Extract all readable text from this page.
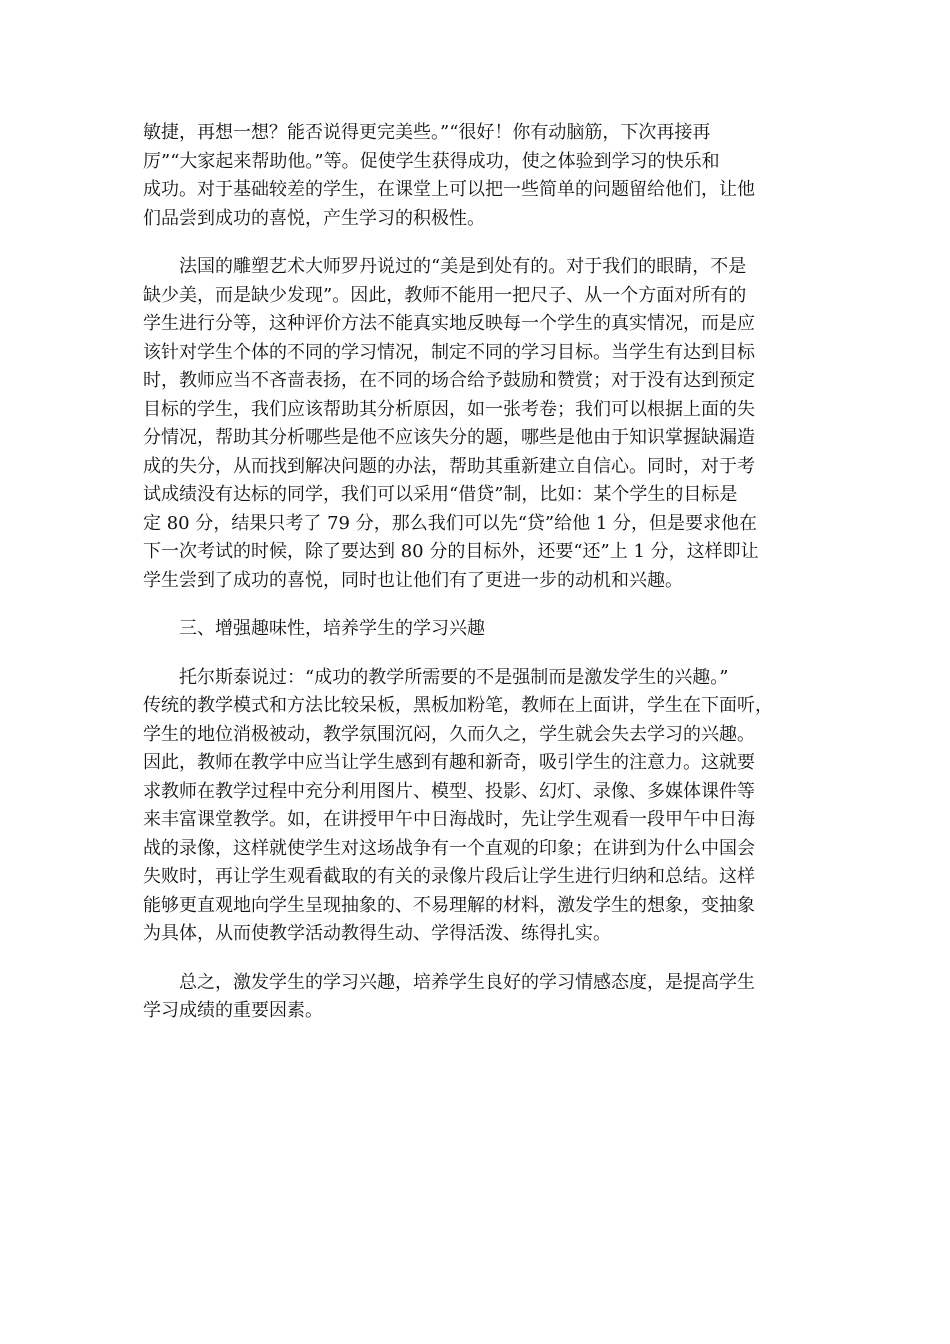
敏捷，再想一想？能否说得更完美些。”“很好！你有动脑筋，下次再接再
厉”“大家起来帮助他。”等。促使学生获得成功，使之体验到学习的快乐和
成功。对于基础较差的学生，在课堂上可以把一些简单的问题留给他们，让他
们品尝到成功的喜悦，产生学习的积极性。

法国的雕塑艺术大师罗丹说过的“美是到处有的。对于我们的眼睛，不是
缺少美，而是缺少发现”。因此，教师不能用一把尺子、从一个方面对所有的
学生进行分等，这种评价方法不能真实地反映每一个学生的真实情况，而是应
该针对学生个体的不同的学习情况，制定不同的学习目标。当学生有达到目标
时，教师应当不吝啬表扬，在不同的场合给予鼓励和赞赏；对于没有达到预定
目标的学生，我们应该帮助其分析原因，如一张考卷；我们可以根据上面的失
分情况，帮助其分析哪些是他不应该失分的题，哪些是他由于知识掌握缺漏造
成的失分，从而找到解决问题的办法，帮助其重新建立自信心。同时，对于考
试成绩没有达标的同学，我们可以采用“借贷”制，比如：某个学生的目标是
定 80 分，结果只考了 79 分，那么我们可以先“贷”给他 1 分，但是要求他在
下一次考试的时候，除了要达到 80 分的目标外，还要“还”上 1 分，这样即让
学生尝到了成功的喜悦，同时也让他们有了更进一步的动机和兴趣。

三、增强趣味性，培养学生的学习兴趣

托尔斯泰说过：“成功的教学所需要的不是强制而是激发学生的兴趣。”
传统的教学模式和方法比较呆板，黑板加粉笔，教师在上面讲，学生在下面听，
学生的地位消极被动，教学氛围沉闷，久而久之，学生就会失去学习的兴趣。
因此，教师在教学中应当让学生感到有趣和新奇，吸引学生的注意力。这就要
求教师在教学过程中充分利用图片、模型、投影、幻灯、录像、多媒体课件等
来丰富课堂教学。如，在讲授甲午中日海战时，先让学生观看一段甲午中日海
战的录像，这样就使学生对这场战争有一个直观的印象；在讲到为什么中国会
失败时，再让学生观看截取的有关的录像片段后让学生进行归纳和总结。这样
能够更直观地向学生呈现抽象的、不易理解的材料，激发学生的想象，变抽象
为具体，从而使教学活动教得生动、学得活泼、练得扎实。

总之，激发学生的学习兴趣，培养学生良好的学习情感态度，是提高学生
学习成绩的重要因素。
